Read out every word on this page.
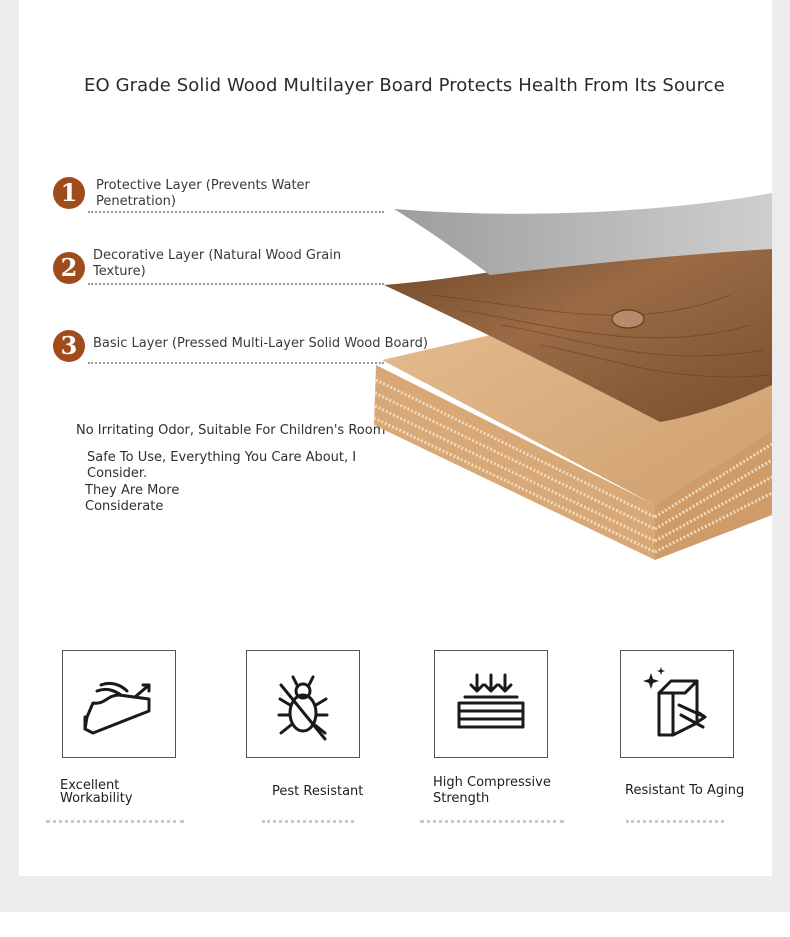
EO Grade Solid Wood Multilayer Board Protects Health From Its Source
1	Protective Layer (Prevents Water Penetration)
2	Decorative Layer (Natural Wood Grain Texture)
3	Basic Layer (Pressed Multi-Layer Solid Wood Board)
No Irritating Odor, Suitable For Children's Room
Safe To Use, Everything You Care About, I Consider.
They Are More Considerate
Excellent Workability	Pest Resistant
High Compressive Strength
Resistant To Aging
